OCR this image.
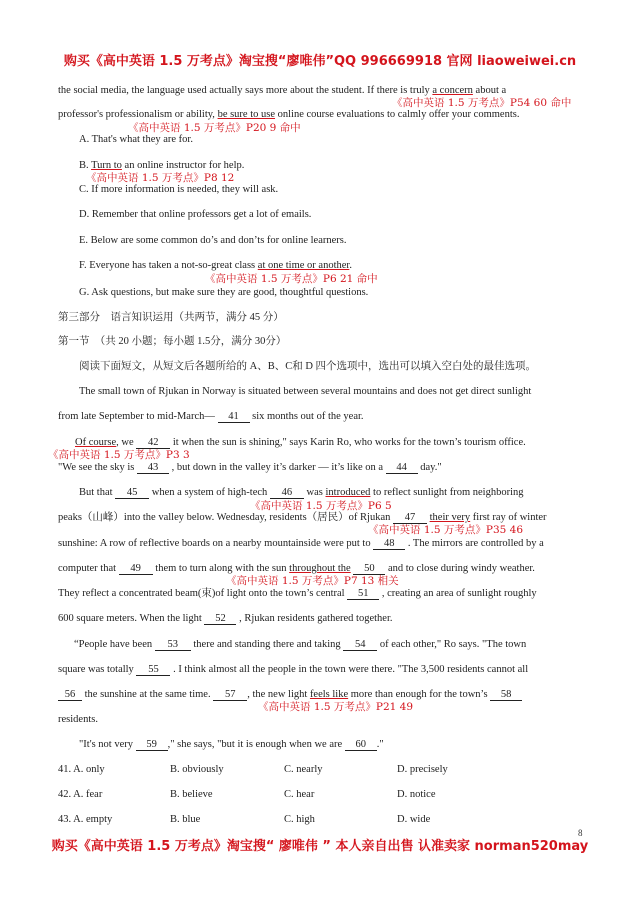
购买《高中英语 1.5 万考点》淘宝搜“廖唯伟”QQ 996669918 官网 liaoweiwei.cn
the social media, the language used actually says more about the student. If there is truly a concern about a
《高中英语 1.5 万考点》P54 60 命中
professor's professionalism or ability, be sure to use online course evaluations to calmly offer your comments.
《高中英语 1.5 万考点》P20 9 命中
A. That's what they are for.
B. Turn to an online instructor for help.
《高中英语 1.5 万考点》P8 12
C. If more information is needed, they will ask.
D. Remember that online professors get a lot of emails.
E. Below are some common do’s and don’ts for online learners.
F. Everyone has taken a not-so-great class at one time or another.
《高中英语 1.5 万考点》P6 21 命中
G. Ask questions, but make sure they are good, thoughtful questions.
第三部分　语言知识运用（共两节，满分 45 分）
第一节　（共 20 小题；每小题 1.5分，满分 30分）
阅读下面短文，从短文后各题所给的 A、B、C和 D 四个选项中，选出可以填入空白处的最佳选项。
The small town of Rjukan in Norway is situated between several mountains and does not get direct sunlight
from late September to mid-March— 41 six months out of the year.
Of course, we 42 it when the sun is shining," says Karin Ro, who works for the town’s tourism office.
《高中英语 1.5 万考点》P3 3
"We see the sky is 43 , but down in the valley it’s darker — it’s like on a 44 day."
But that 45 when a system of high-tech 46 was introduced to reflect sunlight from neighboring
《高中英语 1.5 万考点》P6 5
peaks（山峰）into the valley below. Wednesday, residents（居民）of Rjukan 47 their very first ray of winter
《高中英语 1.5 万考点》P35 46
sunshine: A row of reflective boards on a nearby mountainside were put to 48 . The mirrors are controlled by a
computer that 49 them to turn along with the sun throughout the 50 and to close during windy weather.
《高中英语 1.5 万考点》P7 13 相关
They reflect a concentrated beam(束)of light onto the town’s central 51 , creating an area of sunlight roughly
600 square meters. When the light 52 , Rjukan residents gathered together.
“People have been 53 there and standing there and taking 54 of each other," Ro says. "The town
square was totally 55 . I think almost all the people in the town were there. "The 3,500 residents cannot all
56 the sunshine at the same time. 57 , the new light feels like more than enough for the town’s 58
《高中英语 1.5 万考点》P21 49
residents.
"It's not very 59 ," she says, "but it is enough when we are 60 ."
41. A. only	B. obviously	C. nearly	D. precisely
42. A. fear	B. believe	C. hear	D. notice
43. A. empty	B. blue	C. high	D. wide
8
购买《高中英语 1.5 万考点》淘宝搜“ 廖唯伟 ” 本人亲自出售 认准卖家 norman520may
